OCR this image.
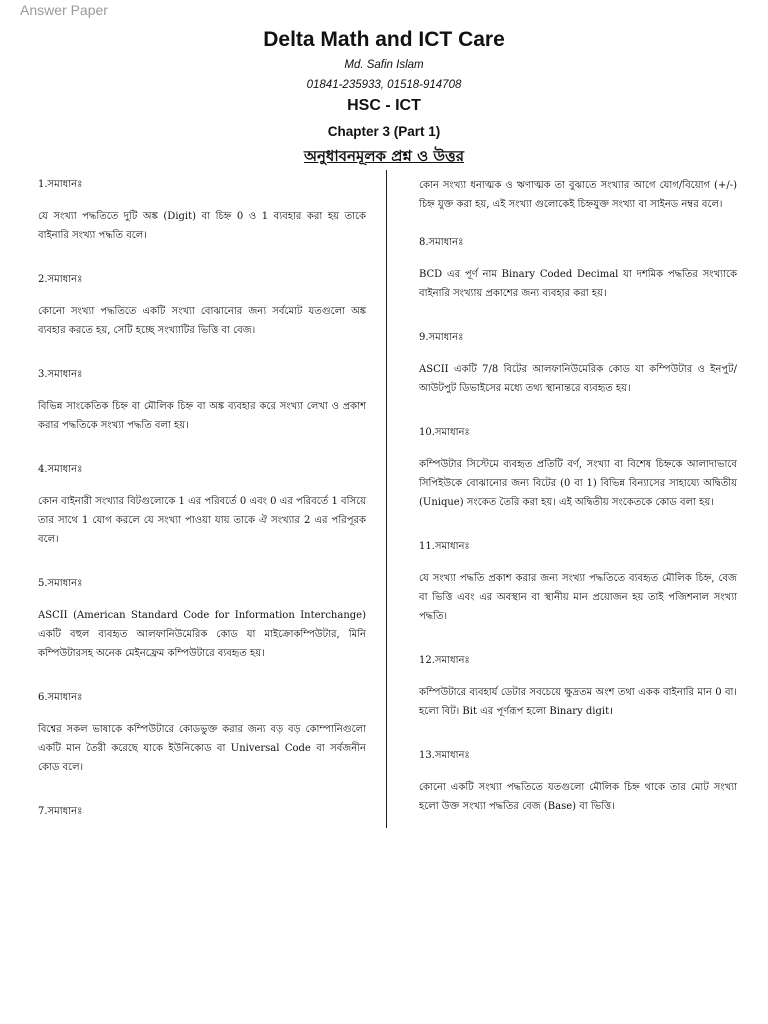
Answer Paper
Delta Math and ICT Care
Md. Safin Islam
01841-235933, 01518-914708
HSC - ICT
Chapter 3 (Part 1)
অনুধাবনমূলক প্রশ্ন ও উত্তর
1.সমাধানঃ
যে সংখ্যা পদ্ধতিতে দুটি অঙ্ক (Digit) বা চিহ্ন 0 ও 1 ব্যবহার করা হয় তাকে বাইনারি সংখ্যা পদ্ধতি বলে।
2.সমাধানঃ
কোনো সংখ্যা পদ্ধতিতে একটি সংখ্যা বোঝানোর জন্য সর্বমোট যতগুলো অঙ্ক ব্যবহার করতে হয়, সেটি হচ্ছে সংখ্যাটির ভিত্তি বা বেজ।
3.সমাধানঃ
বিভিন্ন সাংকেতিক চিহ্ন বা মৌলিক চিহ্ন বা অঙ্ক ব্যবহার করে সংখ্যা লেখা ও প্রকাশ করার পদ্ধতিকে সংখ্যা পদ্ধতি বলা হয়।
4.সমাধানঃ
কোন বাইনারী সংখ্যার বিটগুলোকে 1 এর পরিবর্তে 0 এবং 0 এর পরিবর্তে 1 বসিয়ে তার সাথে 1 যোগ করলে যে সংখ্যা পাওয়া যায় তাকে ঐ সংখ্যার 2 এর পরিপূরক বলে।
5.সমাধানঃ
ASCII (American Standard Code for Information Interchange) একটি বহুল ব্যবহৃত আলফানিউমেরিক কোড যা মাইক্রোকম্পিউটার, মিনি কম্পিউটারসহ অনেক মেইনফ্রেম কম্পিউটারে ব্যবহৃত হয়।
6.সমাধানঃ
বিশ্বের সকল ভাষাকে কম্পিউটারে কোডভুক্ত করার জন্য বড় বড় কোম্পানিগুলো একটি মান তৈরী করেছে যাকে ইউনিকোড বা Universal Code বা সর্বজনীন কোড বলে।
7.সমাধানঃ
কোন সংখ্যা ধনাত্মক ও ঋণাত্মক তা বুঝাতে সংখ্যার আগে যোগ/বিয়োগ (+/-) চিহ্ন যুক্ত করা হয়, এই সংখ্যা গুলোকেই চিহ্নযুক্ত সংখ্যা বা সাইনড নম্বর বলে।
8.সমাধানঃ
BCD এর পূর্ণ নাম Binary Coded Decimal যা দশমিক পদ্ধতির সংখ্যাকে বাইনারি সংখ্যায় প্রকাশের জন্য ব্যবহার করা হয়।
9.সমাধানঃ
ASCII একটি 7/8 বিটের আলফানিউমেরিক কোড যা কম্পিউটার ও ইনপুট/আউটপুট ডিভাইসের মধ্যে তথ্য স্থানান্তরে ব্যবহৃত হয়।
10.সমাধানঃ
কম্পিউটার সিস্টেমে ব্যবহৃত প্রতিটি বর্ণ, সংখ্যা বা বিশেষ চিহ্নকে আলাদাভাবে সিপিইউকে বোঝানোর জন্য বিটের (0 বা 1) বিভিন্ন বিন্যাসের সাহায্যে অদ্বিতীয় (Unique) সংকেত তৈরি করা হয়। এই অদ্বিতীয় সংকেতকে কোড বলা হয়।
11.সমাধানঃ
যে সংখ্যা পদ্ধতি প্রকাশ করার জন্য সংখ্যা পদ্ধতিতে ব্যবহৃত মৌলিক চিহ্ন, বেজ বা ভিত্তি এবং এর অবস্থান বা স্থানীয় মান প্রয়োজন হয় তাই পজিশনাল সংখ্যা পদ্ধতি।
12.সমাধানঃ
কম্পিউটারে ব্যবহার্য ডেটার সবচেয়ে ক্ষুদ্রতম অংশ তথা একক বাইনারি মান 0 বা। হলো বিট। Bit এর পূর্ণরূপ হলো Binary digit।
13.সমাধানঃ
কোনো একটি সংখ্যা পদ্ধতিতে যতগুলো মৌলিক চিহ্ন থাকে তার মোট সংখ্যা হলো উক্ত সংখ্যা পদ্ধতির বেজ (Base) বা ভিত্তি।
